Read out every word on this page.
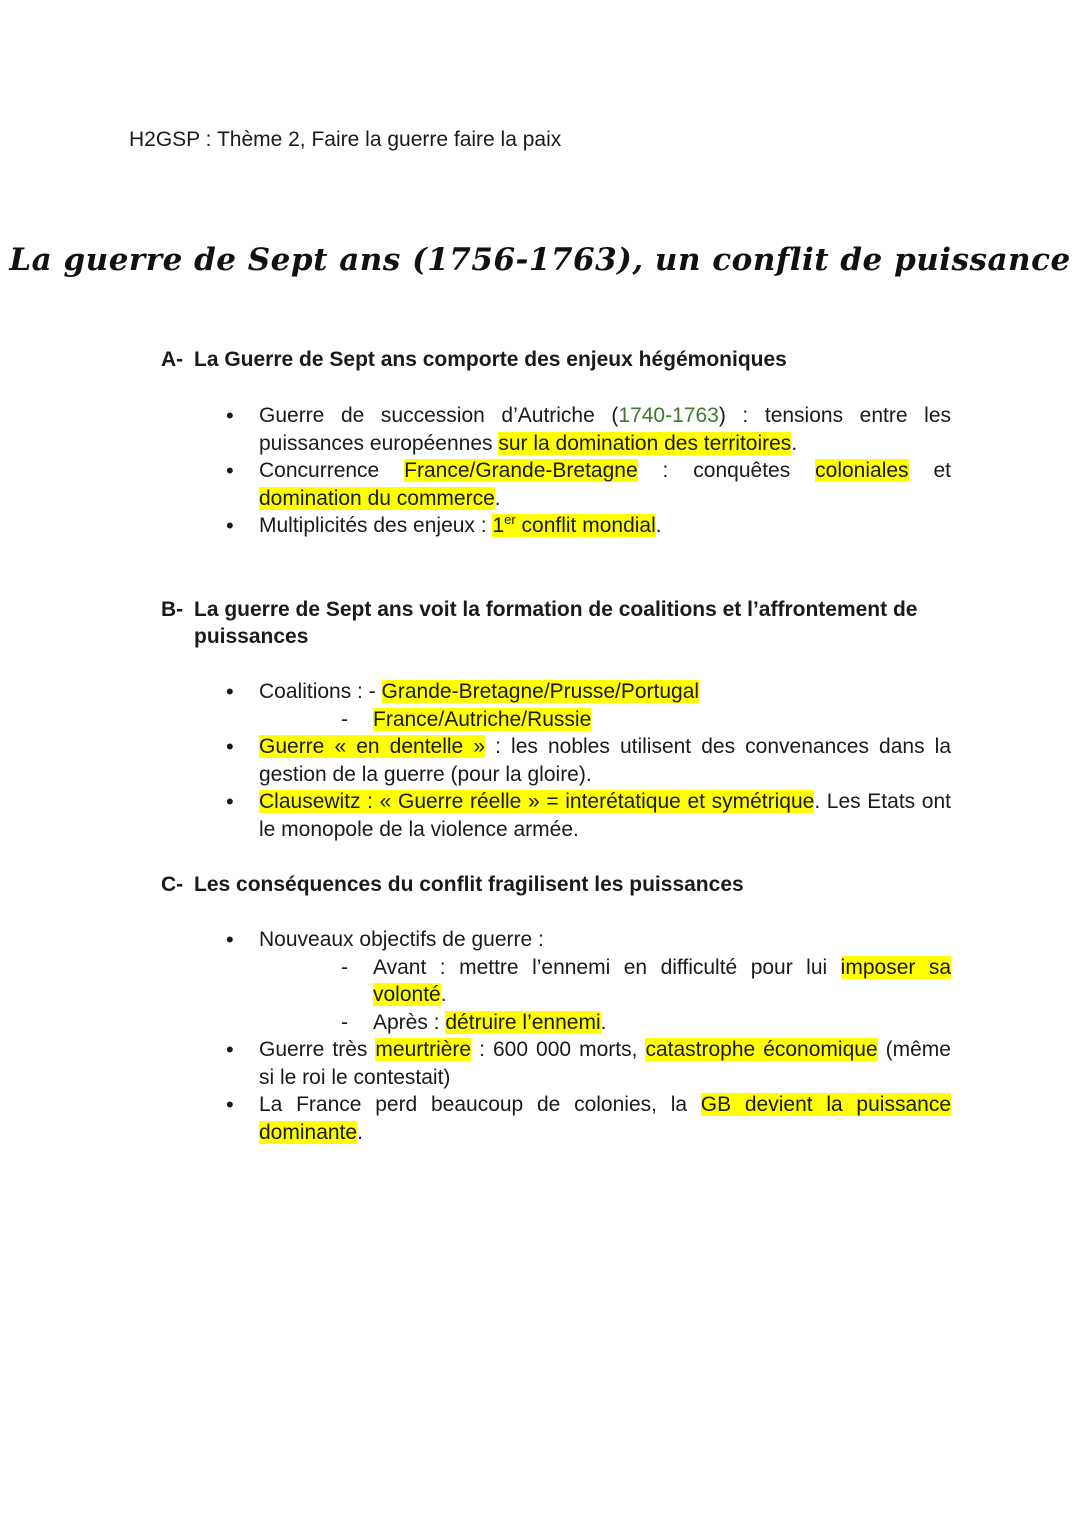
H2GSP : Thème 2, Faire la guerre faire la paix
La guerre de Sept ans (1756-1763), un conflit de puissance
A- La Guerre de Sept ans comporte des enjeux hégémoniques
• Guerre de succession d’Autriche (1740-1763) : tensions entre les puissances européennes sur la domination des territoires.
• Concurrence France/Grande-Bretagne : conquêtes coloniales et domination du commerce.
• Multiplicités des enjeux : 1er conflit mondial.
B- La guerre de Sept ans voit la formation de coalitions et l’affrontement de puissances
• Coalitions : - Grande-Bretagne/Prusse/Portugal
- France/Autriche/Russie
• Guerre « en dentelle » : les nobles utilisent des convenances dans la gestion de la guerre (pour la gloire).
• Clausewitz : « Guerre réelle » = interétatique et symétrique. Les Etats ont le monopole de la violence armée.
C- Les conséquences du conflit fragilisent les puissances
• Nouveaux objectifs de guerre :
- Avant : mettre l’ennemi en difficulté pour lui imposer sa volonté.
- Après : détruire l’ennemi.
• Guerre très meurtrière : 600 000 morts, catastrophe économique (même si le roi le contestait)
• La France perd beaucoup de colonies, la GB devient la puissance dominante.
